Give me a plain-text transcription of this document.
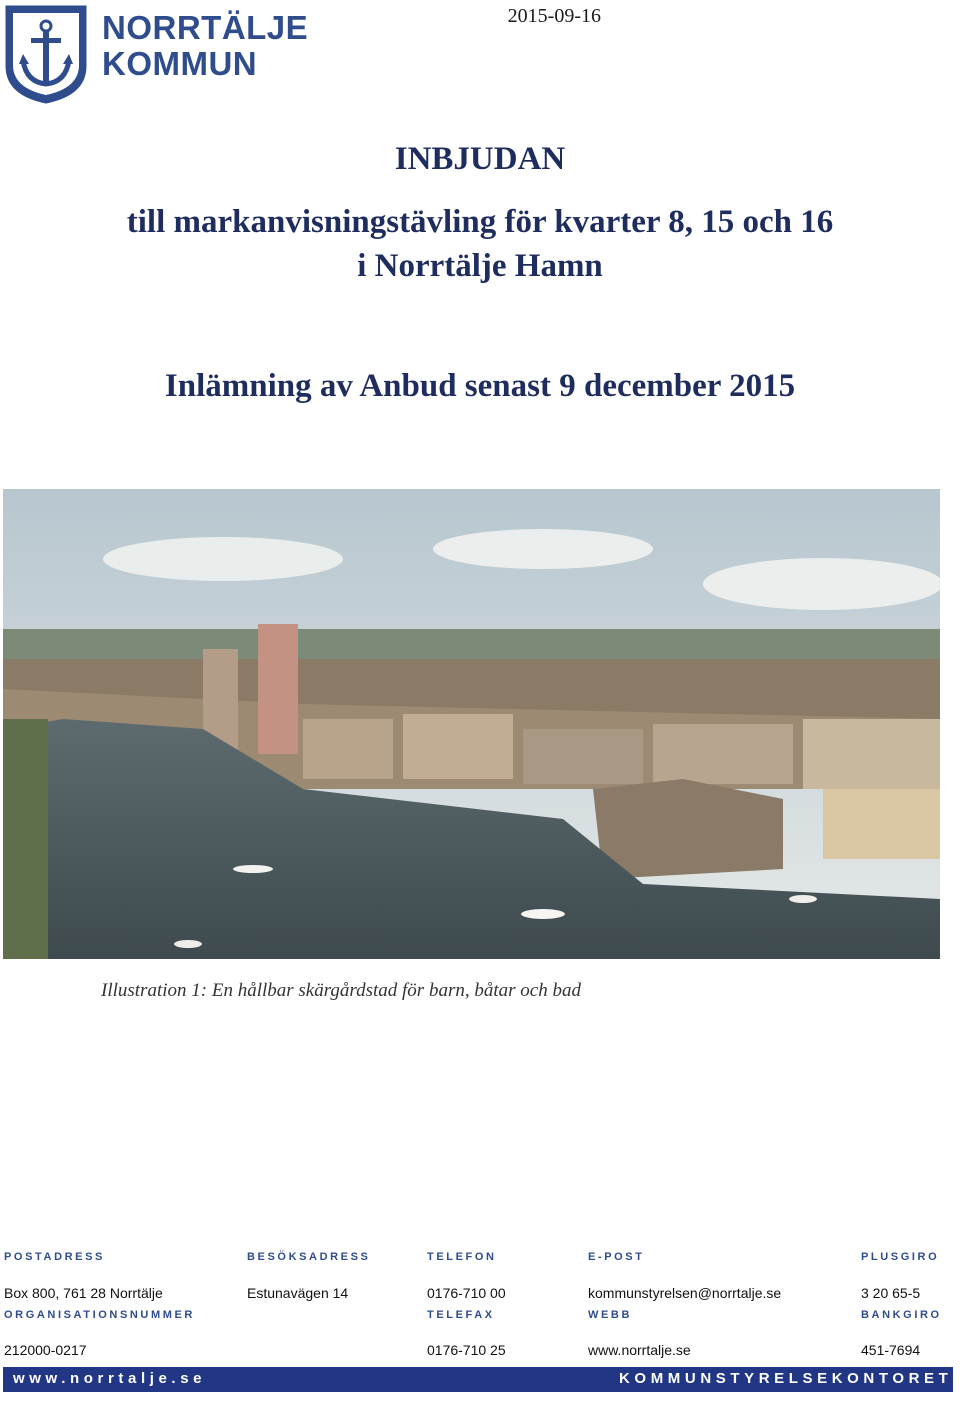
NORRTÄLJE
KOMMUN
2015-09-16
INBJUDAN
till markanvisningstävling för kvarter 8, 15 och 16
i Norrtälje Hamn
Inlämning av Anbud senast 9 december 2015
Illustration 1: En hållbar skärgårdstad för barn, båtar och bad
POSTADRESS	BESÖKSADRESS	TELEFON	E-POST	PLUSGIRO
Box 800, 761 28 Norrtälje	Estunavägen 14	0176-710 00	kommunstyrelsen@norrtalje.se	3 20 65-5
ORGANISATIONSNUMMER	TELEFAX	WEBB	BANKGIRO
212000-0217	0176-710 25	www.norrtalje.se	451-7694
www.norrtalje.se	KOMMUNSTYRELSEKONTORET
